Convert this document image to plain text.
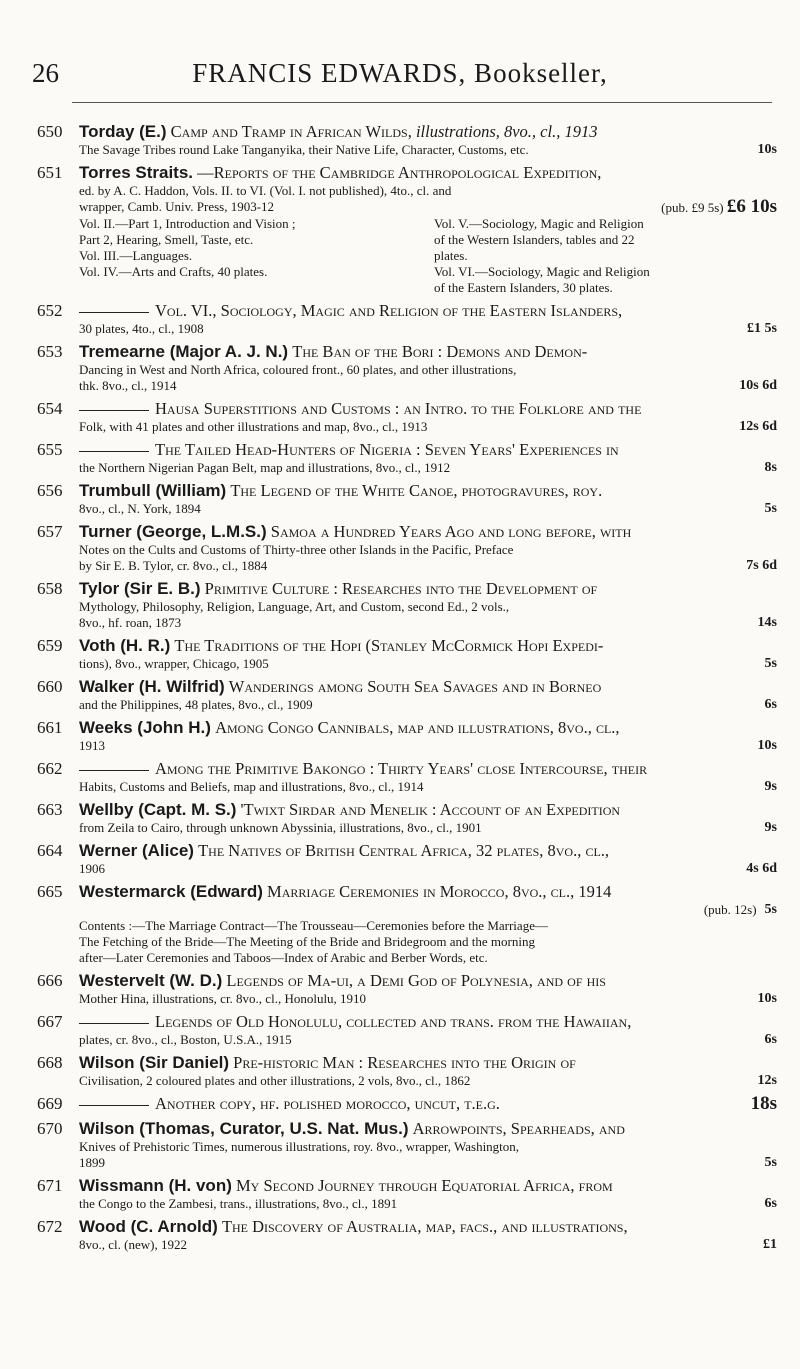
26	FRANCIS EDWARDS, Bookseller,
650 Torday (E.) Camp and Tramp in African Wilds, illustrations, 8vo., cl., 1913
The Savage Tribes round Lake Tanganyika, their Native Life, Character, Customs, etc.	10s
651 Torres Straits. —Reports of the Cambridge Anthropological Expedition,
ed. by A. C. Haddon, Vols. II. to VI. (Vol. I. not published), 4to., cl. and
wrapper, Camb. Univ. Press, 1903-12	(pub. £9 5s) £6 10s
Vol. II.—Part 1, Introduction and Vision ;
Part 2, Hearing, Smell, Taste, etc.
Vol. III.—Languages.
Vol. IV.—Arts and Crafts, 40 plates.
Vol. V.—Sociology, Magic and Religion
of the Western Islanders, tables and 22
plates.
Vol. VI.—Sociology, Magic and Religion
of the Eastern Islanders, 30 plates.
652	Vol. VI., Sociology, Magic and Religion of the Eastern Islanders,
30 plates, 4to., cl., 1908	£1 5s
653 Tremearne (Major A. J. N.) The Ban of the Bori : Demons and Demon-
Dancing in West and North Africa, coloured front., 60 plates, and other illustrations,
thk. 8vo., cl., 1914	10s 6d
654	Hausa Superstitions and Customs : an Intro. to the Folklore and the
Folk, with 41 plates and other illustrations and map, 8vo., cl., 1913	12s 6d
655	The Tailed Head-Hunters of Nigeria : Seven Years' Experiences in
the Northern Nigerian Pagan Belt, map and illustrations, 8vo., cl., 1912	8s
656 Trumbull (William) The Legend of the White Canoe, photogravures, roy.
8vo., cl., N. York, 1894	5s
657 Turner (George, L.M.S.) Samoa a Hundred Years Ago and long before, with
Notes on the Cults and Customs of Thirty-three other Islands in the Pacific, Preface
by Sir E. B. Tylor, cr. 8vo., cl., 1884	7s 6d
658 Tylor (Sir E. B.) Primitive Culture : Researches into the Development of
Mythology, Philosophy, Religion, Language, Art, and Custom, second Ed., 2 vols.,
8vo., hf. roan, 1873	14s
659 Voth (H. R.) The Traditions of the Hopi (Stanley McCormick Hopi Expedi-
tions), 8vo., wrapper, Chicago, 1905	5s
660 Walker (H. Wilfrid) Wanderings among South Sea Savages and in Borneo
and the Philippines, 48 plates, 8vo., cl., 1909	6s
661 Weeks (John H.) Among Congo Cannibals, map and illustrations, 8vo., cl.,
1913	10s
662	Among the Primitive Bakongo : Thirty Years' close Intercourse, their
Habits, Customs and Beliefs, map and illustrations, 8vo., cl., 1914	9s
663 Wellby (Capt. M. S.) 'Twixt Sirdar and Menelik : Account of an Expedition
from Zeila to Cairo, through unknown Abyssinia, illustrations, 8vo., cl., 1901	9s
664 Werner (Alice) The Natives of British Central Africa, 32 plates, 8vo., cl.,
1906	4s 6d
665 Westermarck (Edward) Marriage Ceremonies in Morocco, 8vo., cl., 1914
(pub. 12s) 5s
Contents :—The Marriage Contract—The Trousseau—Ceremonies before the Marriage—
The Fetching of the Bride—The Meeting of the Bride and Bridegroom and the morning
after—Later Ceremonies and Taboos—Index of Arabic and Berber Words, etc.
666 Westervelt (W. D.) Legends of Ma-ui, a Demi God of Polynesia, and of his
Mother Hina, illustrations, cr. 8vo., cl., Honolulu, 1910	10s
667	Legends of Old Honolulu, collected and trans. from the Hawaiian,
plates, cr. 8vo., cl., Boston, U.S.A., 1915	6s
668 Wilson (Sir Daniel) Pre-historic Man : Researches into the Origin of
Civilisation, 2 coloured plates and other illustrations, 2 vols, 8vo., cl., 1862	12s
669	Another copy, hf. polished morocco, uncut, t.e.g.	18s
670 Wilson (Thomas, Curator, U.S. Nat. Mus.) Arrowpoints, Spearheads, and
Knives of Prehistoric Times, numerous illustrations, roy. 8vo., wrapper, Washington,
1899	5s
671 Wissmann (H. von) My Second Journey through Equatorial Africa, from
the Congo to the Zambesi, trans., illustrations, 8vo., cl., 1891	6s
672 Wood (C. Arnold) The Discovery of Australia, map, facs., and illustrations,
8vo., cl. (new), 1922	£1
